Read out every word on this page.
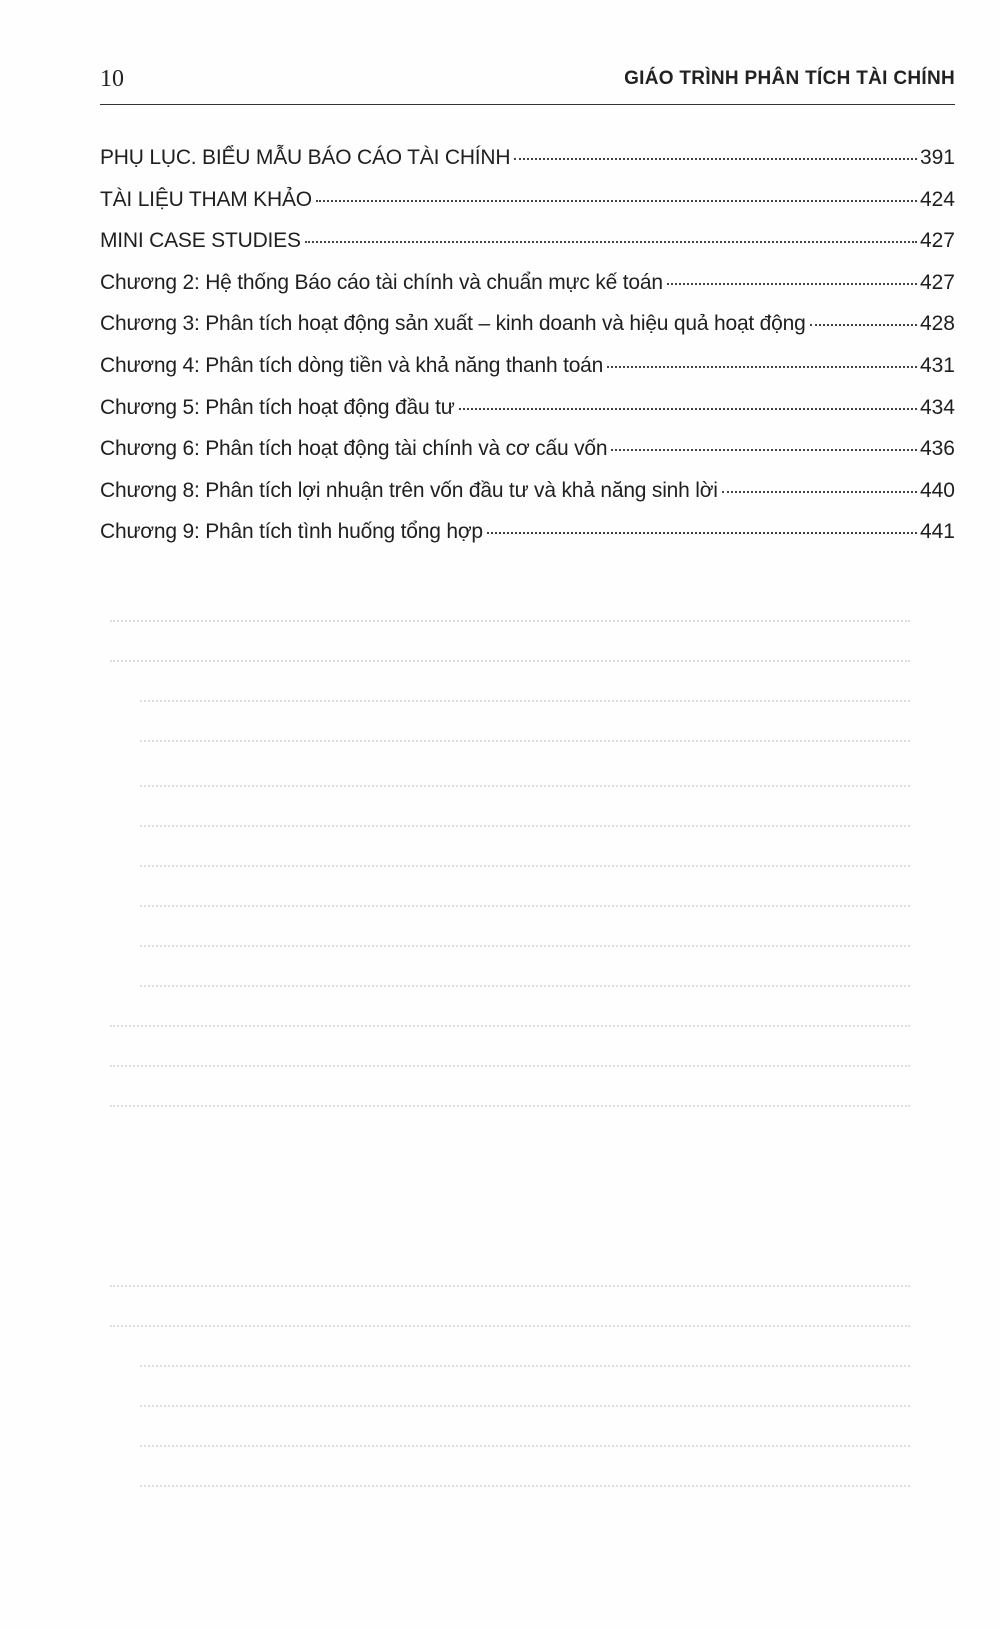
10	GIÁO TRÌNH PHÂN TÍCH TÀI CHÍNH
PHỤ LỤC. BIỂU MẪU BÁO CÁO TÀI CHÍNH	391
TÀI LIỆU THAM KHẢO	424
MINI CASE STUDIES	427
Chương 2: Hệ thống Báo cáo tài chính và chuẩn mực kế toán	427
Chương 3: Phân tích hoạt động sản xuất – kinh doanh và hiệu quả hoạt động	428
Chương 4: Phân tích dòng tiền và khả năng thanh toán	431
Chương 5: Phân tích hoạt động đầu tư	434
Chương 6: Phân tích hoạt động tài chính và cơ cấu vốn	436
Chương 8: Phân tích lợi nhuận trên vốn đầu tư và khả năng sinh lời	440
Chương 9: Phân tích tình huống tổng hợp	441
